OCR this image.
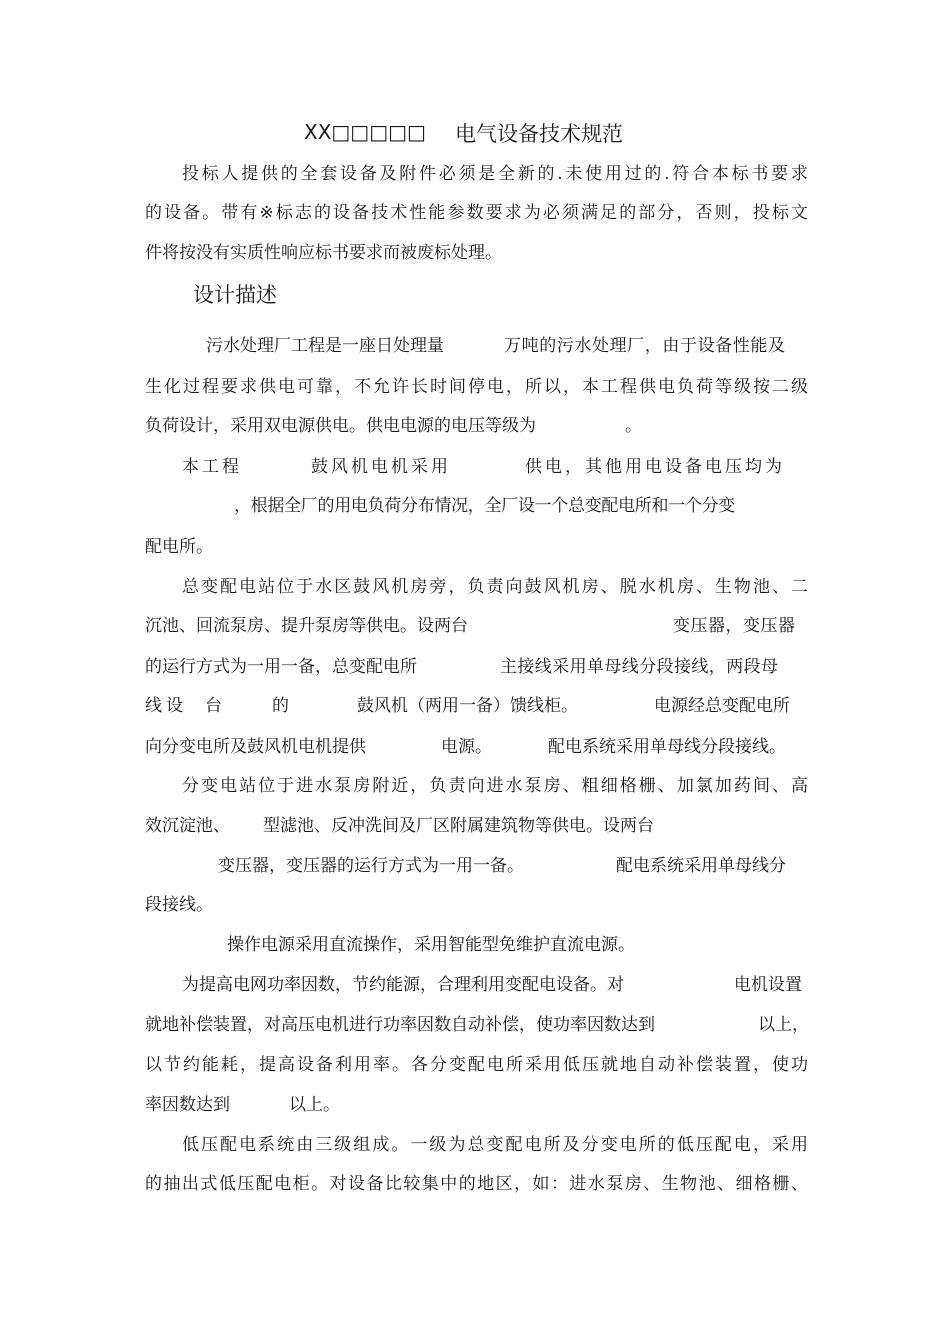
XX□□□□□ 电气设备技术规范
投 标 人 提 供 的 全 套 设 备 及 附 件 必 须 是 全 新 的 . 未 使 用 过 的 . 符 合 本 标 书 要 求
的 设 备 。 带 有 ※ 标 志 的 设 备 技 术 性 能 参 数 要 求 为 必 须 满 足 的 部 分 ， 否 则 ， 投 标 文
件将按没有实质性响应标书要求而被废标处理。
设计描述
污水处理厂工程是一座日处理量	万吨的污水处理厂，由于设备性能及
生 化 过 程 要 求 供 电 可 靠 ， 不 允 许 长 时 间 停 电 ， 所 以 ， 本 工 程 供 电 负 荷 等 级 按 二 级
负荷设计，采用双电源供电。供电电源的电压等级为	。
本工程	鼓风机电机采用	供电，其他用电设备电压均为
，根据全厂的用电负荷分布情况，全厂设一个总变配电所和一个分变
配电所。
总 变 配 电 站 位 于 水 区 鼓 风 机 房 旁 ， 负 责 向 鼓 风 机 房 、 脱 水 机 房 、 生 物 池 、 二
沉池、回流泵房、提升泵房等供电。设两台	变压器，变压器
的运行方式为一用一备，总变配电所	主接线采用单母线分段接线，两段母
线设 台	的	鼓风机（两用一备）馈线柜。	电源经总变配电所
向分变电所及鼓风机电机提供	电源。	配电系统采用单母线分段接线。
分 变 电 站 位 于 进 水 泵 房 附 近 ， 负 责 向 进 水 泵 房 、 粗 细 格 栅 、 加 氯 加 药 间 、 高
效沉淀池、 型滤池、反冲洗间及厂区附属建筑物等供电。设两台
变压器，变压器的运行方式为一用一备。	配电系统采用单母线分
段接线。
操作电源采用直流操作，采用智能型免维护直流电源。
为提高电网功率因数，节约能源，合理利用变配电设备。对	电机设置
就地补偿装置，对高压电机进行功率因数自动补偿，使功率因数达到	以上，
以 节 约 能 耗 ， 提 高 设 备 利 用 率 。 各 分 变 配 电 所 采 用 低 压 就 地 自 动 补 偿 装 置 ， 使 功
率因数达到	以上。
低 压 配 电 系 统 由 三 级 组 成 。 一 级 为 总 变 配 电 所 及 分 变 电 所 的 低 压 配 电 ， 采 用
的 抽 出 式 低 压 配 电 柜 。 对 设 备 比 较 集 中 的 地 区 ， 如 ： 进 水 泵 房 、 生 物 池 、 细 格 栅 、
